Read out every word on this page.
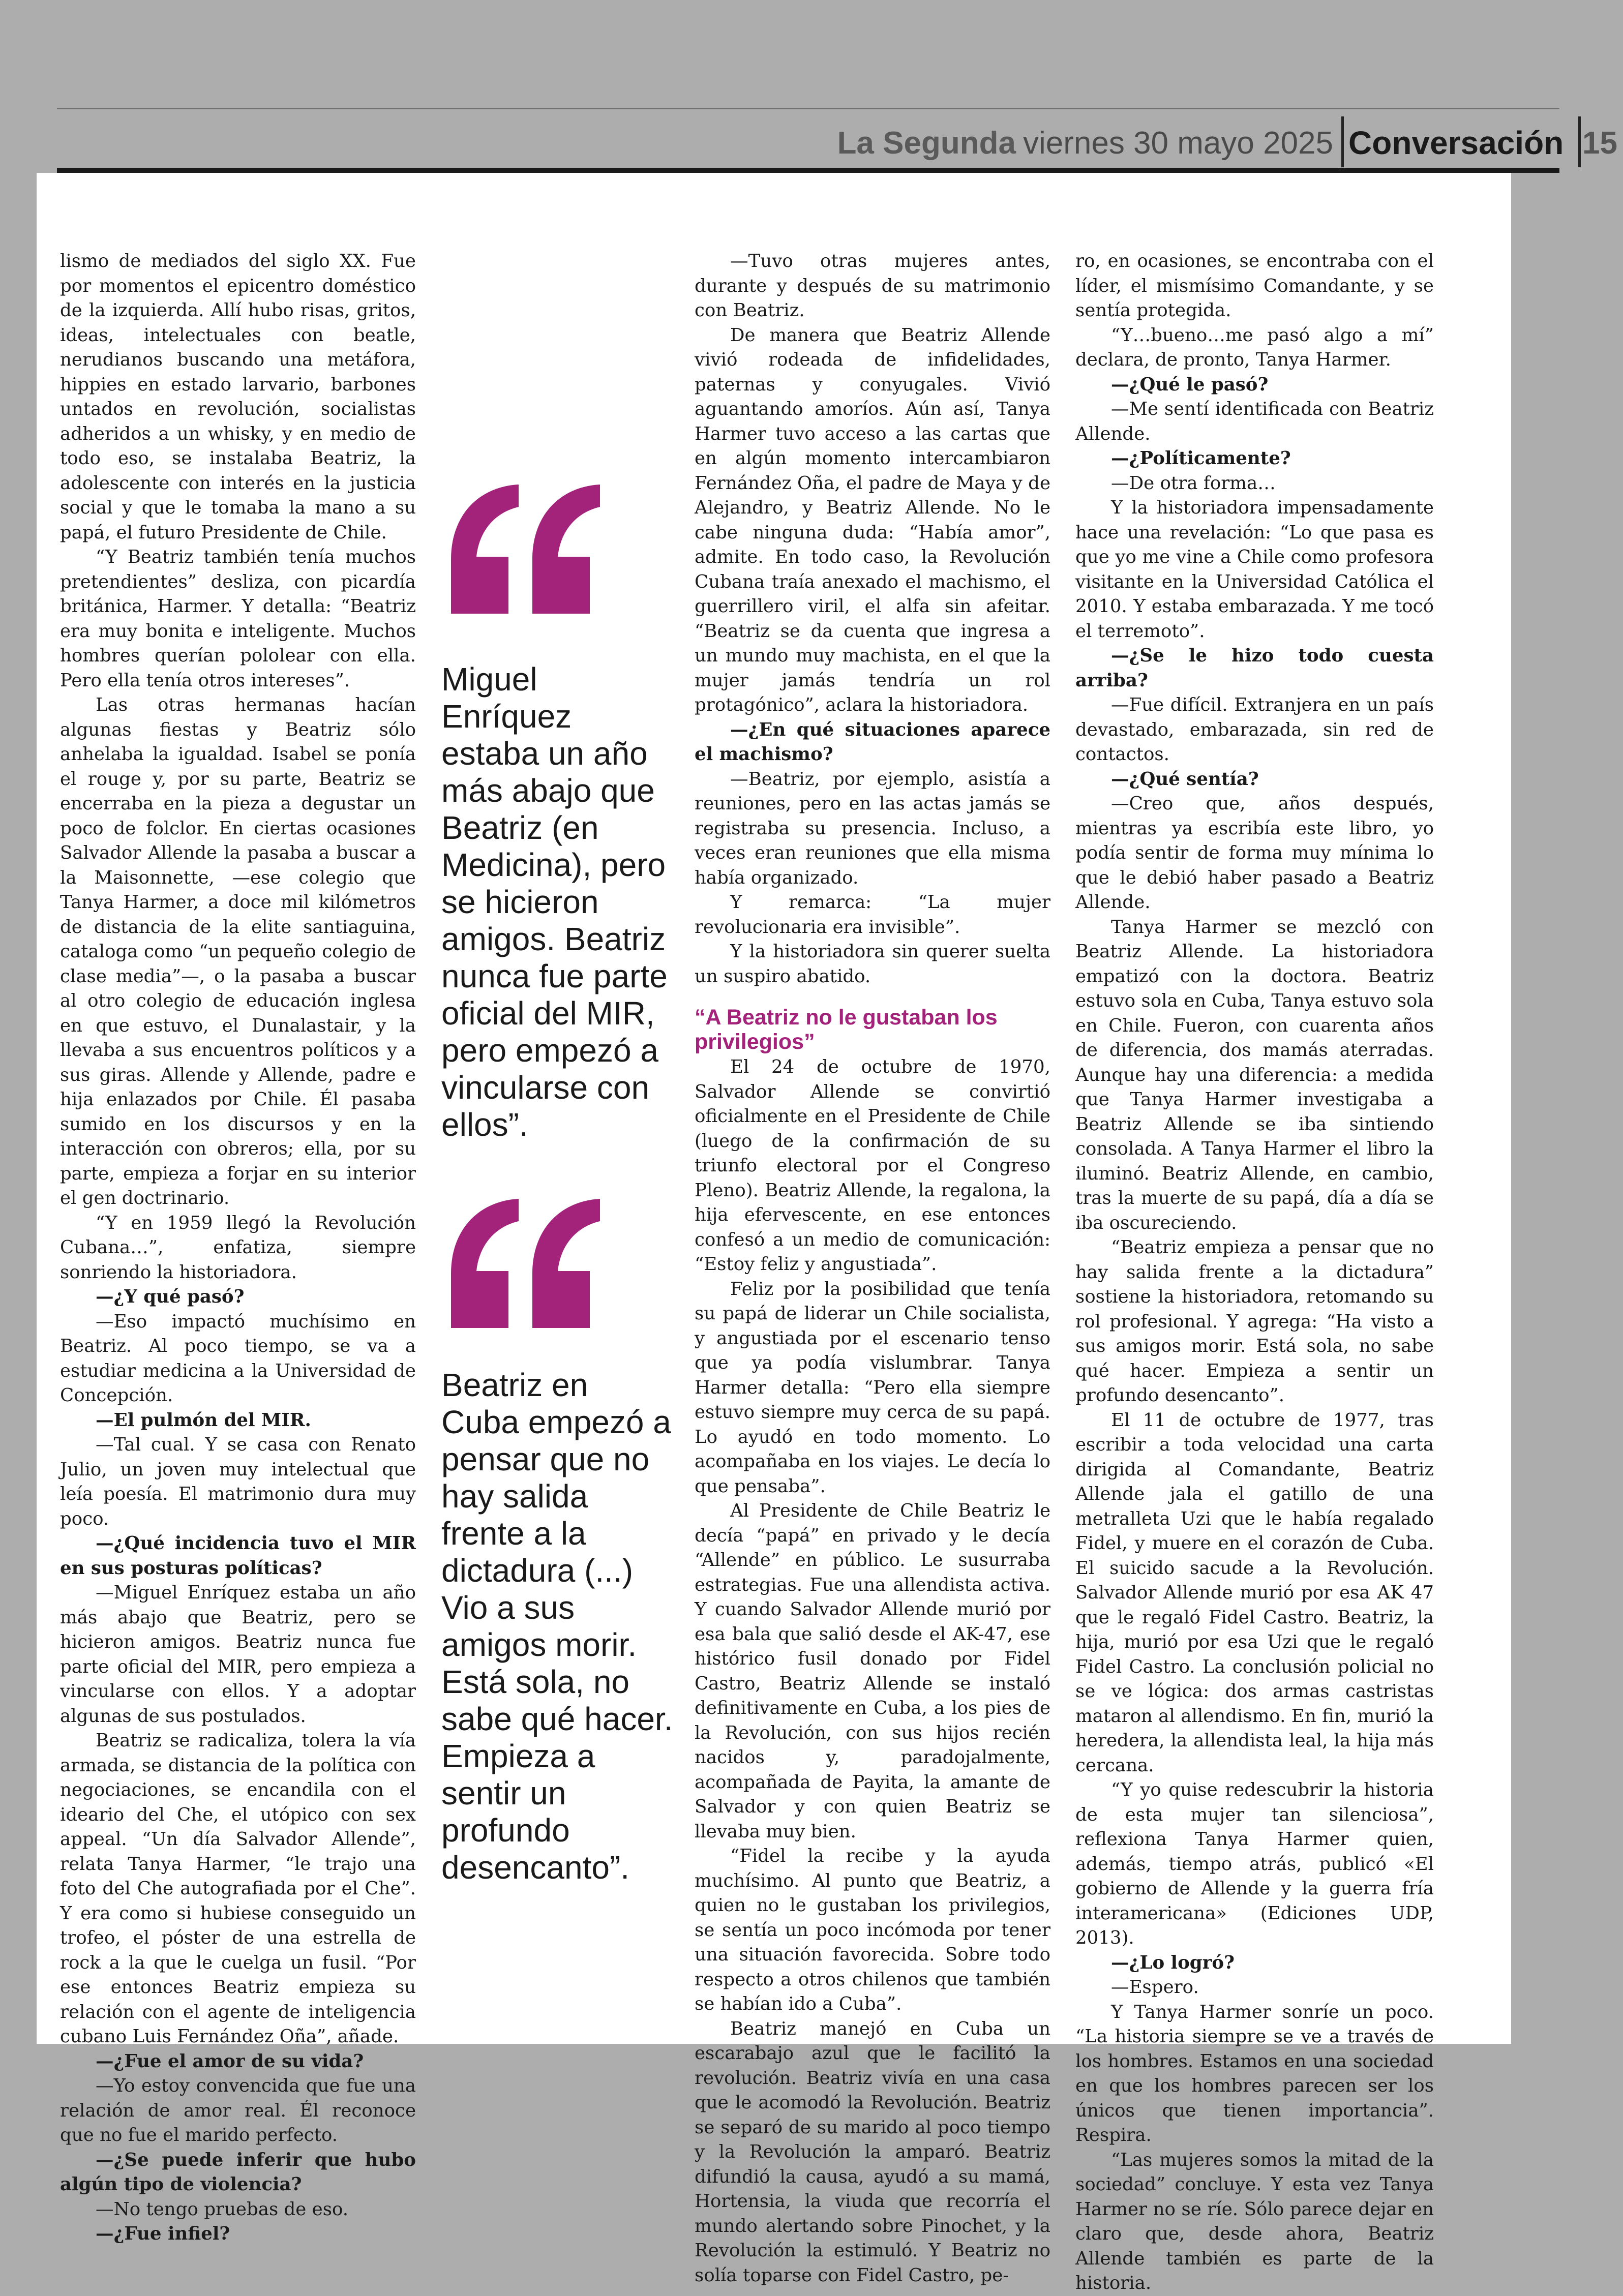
La Segunda viernes 30 mayo 2025 Conversación 15

lismo de mediados del siglo XX. Fue por momentos el epicentro doméstico de la izquierda. Allí hubo risas, gritos, ideas, intelectuales con beatle, nerudianos buscando una metáfora, hippies en estado larvario, barbones untados en revolución, socialistas adheridos a un whisky, y en medio de todo eso, se instalaba Beatriz, la adolescente con interés en la justicia social y que le tomaba la mano a su papá, el futuro Presidente de Chile.

“Y Beatriz también tenía muchos pretendientes” desliza, con picardía británica, Harmer. Y detalla: “Beatriz era muy bonita e inteligente. Muchos hombres querían pololear con ella. Pero ella tenía otros intereses”.

Las otras hermanas hacían algunas fiestas y Beatriz sólo anhelaba la igualdad. Isabel se ponía el rouge y, por su parte, Beatriz se encerraba en la pieza a degustar un poco de folclor. En ciertas ocasiones Salvador Allende la pasaba a buscar a la Maisonnette, —ese colegio que Tanya Harmer, a doce mil kilómetros de distancia de la elite santiaguina, cataloga como “un pequeño colegio de clase media”—, o la pasaba a buscar al otro colegio de educación inglesa en que estuvo, el Dunalastair, y la llevaba a sus encuentros políticos y a sus giras. Allende y Allende, padre e hija enlazados por Chile. Él pasaba sumido en los discursos y en la interacción con obreros; ella, por su parte, empieza a forjar en su interior el gen doctrinario.

“Y en 1959 llegó la Revolución Cubana…”, enfatiza, siempre sonriendo la historiadora.

—¿Y qué pasó?

—Eso impactó muchísimo en Beatriz. Al poco tiempo, se va a estudiar medicina a la Universidad de Concepción.

—El pulmón del MIR.

—Tal cual. Y se casa con Renato Julio, un joven muy intelectual que leía poesía. El matrimonio dura muy poco.

—¿Qué incidencia tuvo el MIR en sus posturas políticas?

—Miguel Enríquez estaba un año más abajo que Beatriz, pero se hicieron amigos. Beatriz nunca fue parte oficial del MIR, pero empieza a vincularse con ellos. Y a adoptar algunas de sus postulados.

Beatriz se radicaliza, tolera la vía armada, se distancia de la política con negociaciones, se encandila con el ideario del Che, el utópico con sex appeal. “Un día Salvador Allende”, relata Tanya Harmer, “le trajo una foto del Che autografiada por el Che”. Y era como si hubiese conseguido un trofeo, el póster de una estrella de rock a la que le cuelga un fusil. “Por ese entonces Beatriz empieza su relación con el agente de inteligencia cubano Luis Fernández Oña”, añade.

—¿Fue el amor de su vida?

—Yo estoy convencida que fue una relación de amor real. Él reconoce que no fue el marido perfecto.

—¿Se puede inferir que hubo algún tipo de violencia?

—No tengo pruebas de eso.

—¿Fue infiel?

—Tuvo otras mujeres antes, durante y después de su matrimonio con Beatriz.

De manera que Beatriz Allende vivió rodeada de infidelidades, paternas y conyugales. Vivió aguantando amoríos. Aún así, Tanya Harmer tuvo acceso a las cartas que en algún momento intercambiaron Fernández Oña, el padre de Maya y de Alejandro, y Beatriz Allende. No le cabe ninguna duda: “Había amor”, admite. En todo caso, la Revolución Cubana traía anexado el machismo, el guerrillero viril, el alfa sin afeitar. “Beatriz se da cuenta que ingresa a un mundo muy machista, en el que la mujer jamás tendría un rol protagónico”, aclara la historiadora.

—¿En qué situaciones aparece el machismo?

—Beatriz, por ejemplo, asistía a reuniones, pero en las actas jamás se registraba su presencia. Incluso, a veces eran reuniones que ella misma había organizado.

Y remarca: “La mujer revolucionaria era invisible”.

Y la historiadora sin querer suelta un suspiro abatido.

“A Beatriz no le gustaban los privilegios”

El 24 de octubre de 1970, Salvador Allende se convirtió oficialmente en el Presidente de Chile (luego de la confirmación de su triunfo electoral por el Congreso Pleno). Beatriz Allende, la regalona, la hija efervescente, en ese entonces confesó a un medio de comunicación: “Estoy feliz y angustiada”.

Feliz por la posibilidad que tenía su papá de liderar un Chile socialista, y angustiada por el escenario tenso que ya podía vislumbrar. Tanya Harmer detalla: “Pero ella siempre estuvo siempre muy cerca de su papá. Lo ayudó en todo momento. Lo acompañaba en los viajes. Le decía lo que pensaba”.

Al Presidente de Chile Beatriz le decía “papá” en privado y le decía “Allende” en público. Le susurraba estrategias. Fue una allendista activa. Y cuando Salvador Allende murió por esa bala que salió desde el AK-47, ese histórico fusil donado por Fidel Castro, Beatriz Allende se instaló definitivamente en Cuba, a los pies de la Revolución, con sus hijos recién nacidos y, paradojalmente, acompañada de Payita, la amante de Salvador y con quien Beatriz se llevaba muy bien.

“Fidel la recibe y la ayuda muchísimo. Al punto que Beatriz, a quien no le gustaban los privilegios, se sentía un poco incómoda por tener una situación favorecida. Sobre todo respecto a otros chilenos que también se habían ido a Cuba”.

Beatriz manejó en Cuba un escarabajo azul que le facilitó la revolución. Beatriz vivía en una casa que le acomodó la Revolución. Beatriz se separó de su marido al poco tiempo y la Revolución la amparó. Beatriz difundió la causa, ayudó a su mamá, Hortensia, la viuda que recorría el mundo alertando sobre Pinochet, y la Revolución la estimuló. Y Beatriz no solía toparse con Fidel Castro, pe-

ro, en ocasiones, se encontraba con el líder, el mismísimo Comandante, y se sentía protegida.

“Y…bueno…me pasó algo a mí” declara, de pronto, Tanya Harmer.

—¿Qué le pasó?

—Me sentí identificada con Beatriz Allende.

—¿Políticamente?

—De otra forma…

Y la historiadora impensadamente hace una revelación: “Lo que pasa es que yo me vine a Chile como profesora visitante en la Universidad Católica el 2010. Y estaba embarazada. Y me tocó el terremoto”.

—¿Se le hizo todo cuesta arriba?

—Fue difícil. Extranjera en un país devastado, embarazada, sin red de contactos.

—¿Qué sentía?

—Creo que, años después, mientras ya escribía este libro, yo podía sentir de forma muy mínima lo que le debió haber pasado a Beatriz Allende.

Tanya Harmer se mezcló con Beatriz Allende. La historiadora empatizó con la doctora. Beatriz estuvo sola en Cuba, Tanya estuvo sola en Chile. Fueron, con cuarenta años de diferencia, dos mamás aterradas. Aunque hay una diferencia: a medida que Tanya Harmer investigaba a Beatriz Allende se iba sintiendo consolada. A Tanya Harmer el libro la iluminó. Beatriz Allende, en cambio, tras la muerte de su papá, día a día se iba oscureciendo.

“Beatriz empieza a pensar que no hay salida frente a la dictadura” sostiene la historiadora, retomando su rol profesional. Y agrega: “Ha visto a sus amigos morir. Está sola, no sabe qué hacer. Empieza a sentir un profundo desencanto”.

El 11 de octubre de 1977, tras escribir a toda velocidad una carta dirigida al Comandante, Beatriz Allende jala el gatillo de una metralleta Uzi que le había regalado Fidel, y muere en el corazón de Cuba. El suicido sacude a la Revolución. Salvador Allende murió por esa AK 47 que le regaló Fidel Castro. Beatriz, la hija, murió por esa Uzi que le regaló Fidel Castro. La conclusión policial no se ve lógica: dos armas castristas mataron al allendismo. En fin, murió la heredera, la allendista leal, la hija más cercana.

“Y yo quise redescubrir la historia de esta mujer tan silenciosa”, reflexiona Tanya Harmer quien, además, tiempo atrás, publicó «El gobierno de Allende y la guerra fría interamericana» (Ediciones UDP, 2013).

—¿Lo logró?

—Espero.

Y Tanya Harmer sonríe un poco. “La historia siempre se ve a través de los hombres. Estamos en una sociedad en que los hombres parecen ser los únicos que tienen importancia”. Respira.

“Las mujeres somos la mitad de la sociedad” concluye. Y esta vez Tanya Harmer no se ríe. Sólo parece dejar en claro que, desde ahora, Beatriz Allende también es parte de la historia.

Miguel
Enríquez
estaba un año
más abajo que
Beatriz (en
Medicina), pero
se hicieron
amigos. Beatriz
nunca fue parte
oficial del MIR,
pero empezó a
vincularse con
ellos”.
Beatriz en
Cuba empezó a
pensar que no
hay salida
frente a la
dictadura (...)
Vio a sus
amigos morir.
Está sola, no
sabe qué hacer.
Empieza a
sentir un
profundo
desencanto”.
